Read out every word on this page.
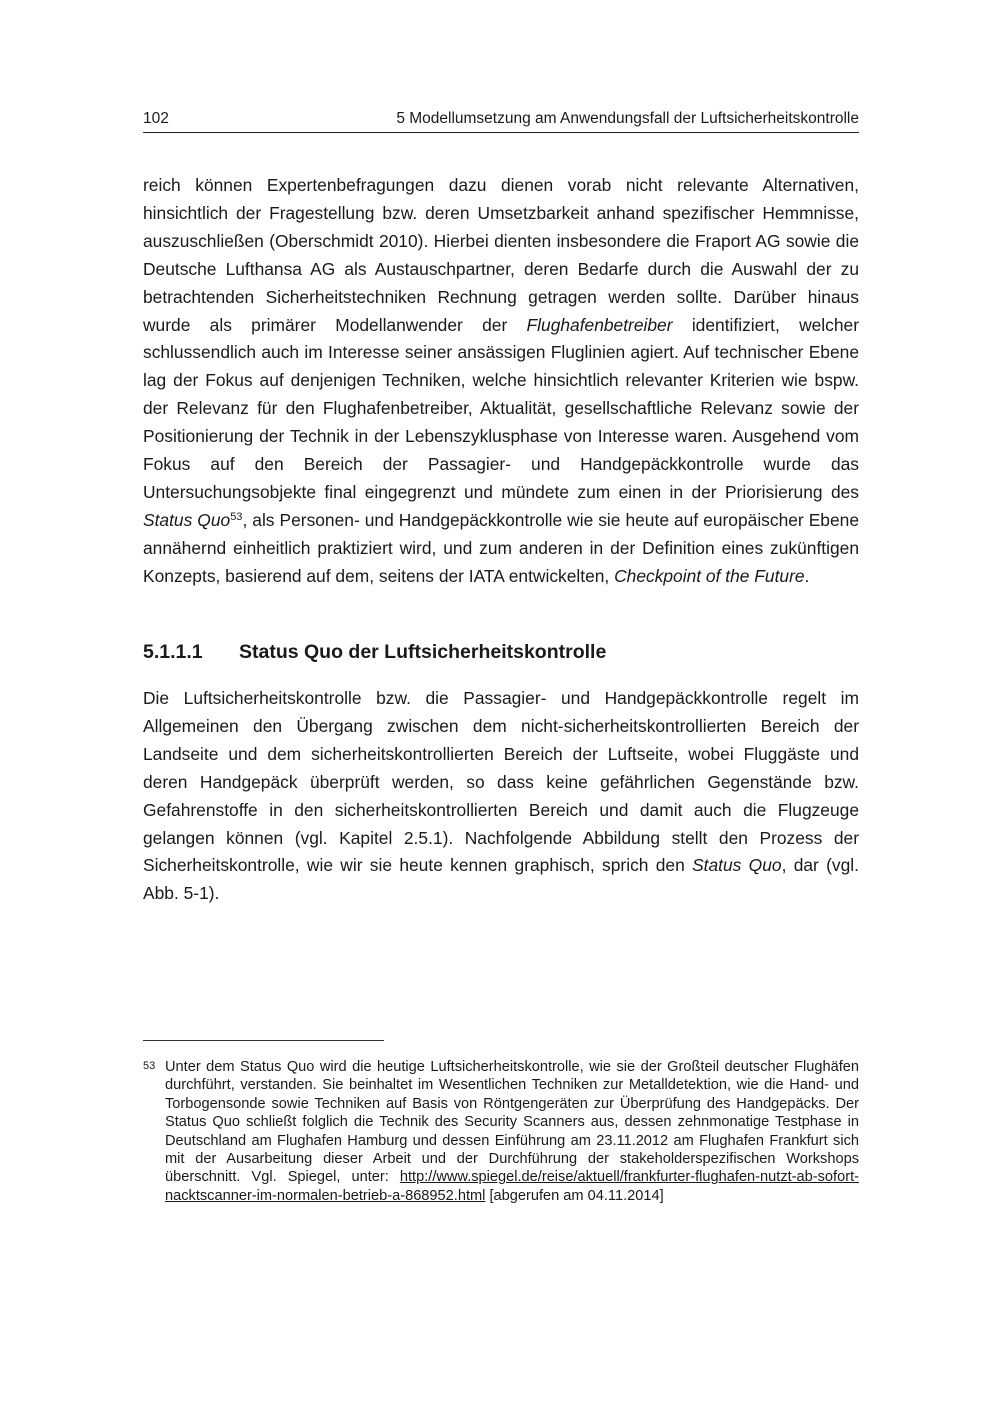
102	5 Modellumsetzung am Anwendungsfall der Luftsicherheitskontrolle

reich können Expertenbefragungen dazu dienen vorab nicht relevante Alternativen, hinsichtlich der Fragestellung bzw. deren Umsetzbarkeit anhand spezifischer Hemmnisse, auszuschließen (Oberschmidt 2010). Hierbei dienten insbesondere die Fraport AG sowie die Deutsche Lufthansa AG als Austauschpartner, deren Bedarfe durch die Auswahl der zu betrachtenden Sicherheitstechniken Rechnung getragen werden sollte. Darüber hinaus wurde als primärer Modellanwender der Flughafenbetreiber identifiziert, welcher schlussendlich auch im Interesse seiner ansässigen Fluglinien agiert. Auf technischer Ebene lag der Fokus auf denjenigen Techniken, welche hinsichtlich relevanter Kriterien wie bspw. der Relevanz für den Flughafenbetreiber, Aktualität, gesellschaftliche Relevanz sowie der Positionierung der Technik in der Lebenszyklusphase von Interesse waren. Ausgehend vom Fokus auf den Bereich der Passagier- und Handgepäckkontrolle wurde das Untersuchungsobjekte final eingegrenzt und mündete zum einen in der Priorisierung des Status Quo$^{53}$, als Personen- und Handgepäckkontrolle wie sie heute auf europäischer Ebene annähernd einheitlich praktiziert wird, und zum anderen in der Definition eines zukünftigen Konzepts, basierend auf dem, seitens der IATA entwickelten, Checkpoint of the Future.

5.1.1.1 Status Quo der Luftsicherheitskontrolle

Die Luftsicherheitskontrolle bzw. die Passagier- und Handgepäckkontrolle regelt im Allgemeinen den Übergang zwischen dem nicht-sicherheitskontrollierten Bereich der Landseite und dem sicherheitskontrollierten Bereich der Luftseite, wobei Fluggäste und deren Handgepäck überprüft werden, so dass keine gefährlichen Gegenstände bzw. Gefahrenstoffe in den sicherheitskontrollierten Bereich und damit auch die Flugzeuge gelangen können (vgl. Kapitel 2.5.1). Nachfolgende Abbildung stellt den Prozess der Sicherheitskontrolle, wie wir sie heute kennen graphisch, sprich den Status Quo, dar (vgl. Abb. 5-1).

53 Unter dem Status Quo wird die heutige Luftsicherheitskontrolle, wie sie der Großteil deutscher Flughäfen durchführt, verstanden. Sie beinhaltet im Wesentlichen Techniken zur Metalldetektion, wie die Hand- und Torbogensonde sowie Techniken auf Basis von Röntgengeräten zur Überprüfung des Handgepäcks. Der Status Quo schließt folglich die Technik des Security Scanners aus, dessen zehnmonatige Testphase in Deutschland am Flughafen Hamburg und dessen Einführung am 23.11.2012 am Flughafen Frankfurt sich mit der Ausarbeitung dieser Arbeit und der Durchführung der stakeholderspezifischen Workshops überschnitt. Vgl. Spiegel, unter: http://www.spiegel.de/reise/aktuell/frankfurter-flughafen-nutzt-ab-sofort-nacktscanner-im-normalen-betrieb-a-868952.html [abgerufen am 04.11.2014]
